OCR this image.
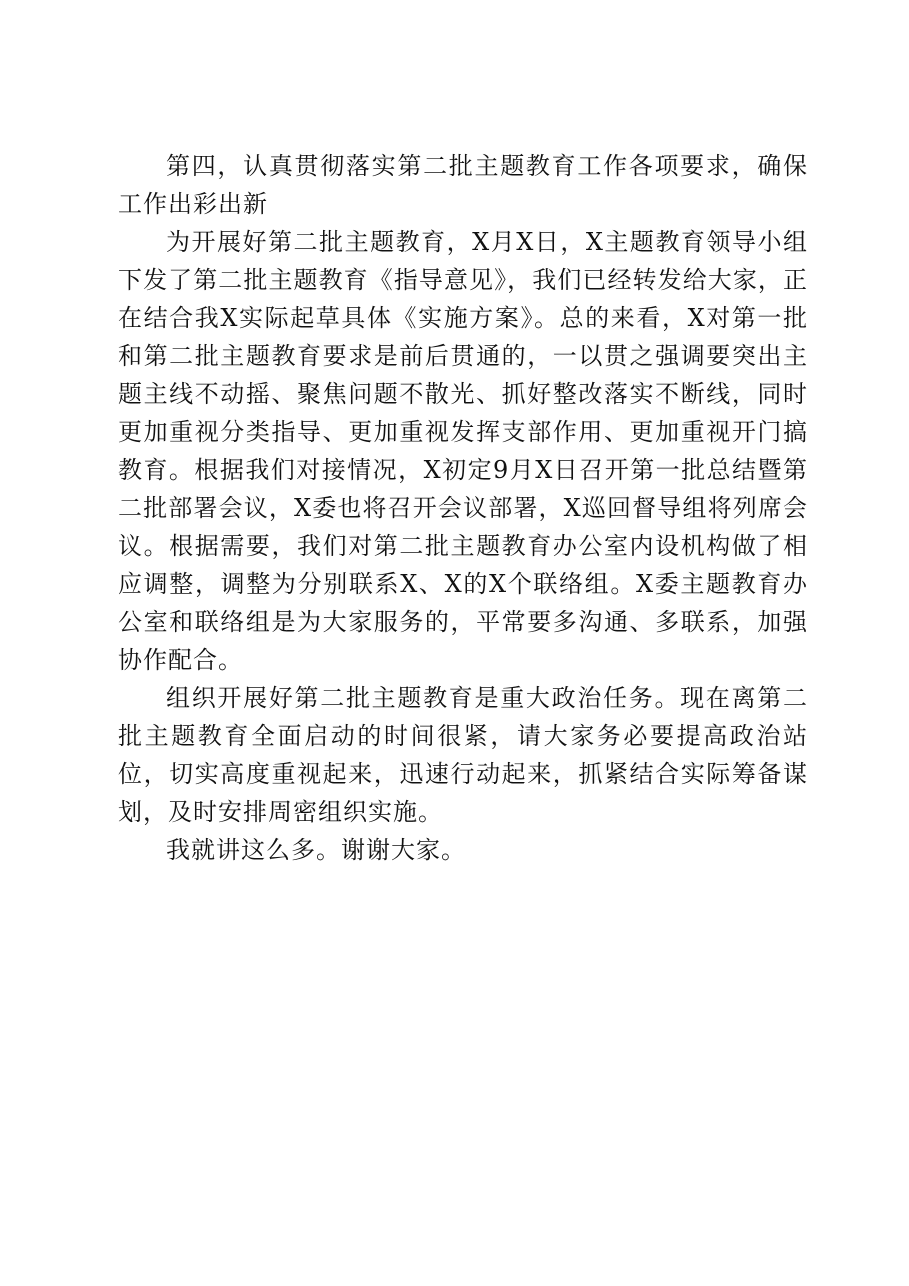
第四，认真贯彻落实第二批主题教育工作各项要求，确保工作出彩出新

为开展好第二批主题教育，X月X日，X主题教育领导小组下发了第二批主题教育《指导意见》，我们已经转发给大家，正在结合我X实际起草具体《实施方案》。总的来看，X对第一批和第二批主题教育要求是前后贯通的，一以贯之强调要突出主题主线不动摇、聚焦问题不散光、抓好整改落实不断线，同时更加重视分类指导、更加重视发挥支部作用、更加重视开门搞教育。根据我们对接情况，X初定9月X日召开第一批总结暨第二批部署会议，X委也将召开会议部署，X巡回督导组将列席会议。根据需要，我们对第二批主题教育办公室内设机构做了相应调整，调整为分别联系X、X的X个联络组。X委主题教育办公室和联络组是为大家服务的，平常要多沟通、多联系，加强协作配合。

组织开展好第二批主题教育是重大政治任务。现在离第二批主题教育全面启动的时间很紧，请大家务必要提高政治站位，切实高度重视起来，迅速行动起来，抓紧结合实际筹备谋划，及时安排周密组织实施。

我就讲这么多。谢谢大家。
